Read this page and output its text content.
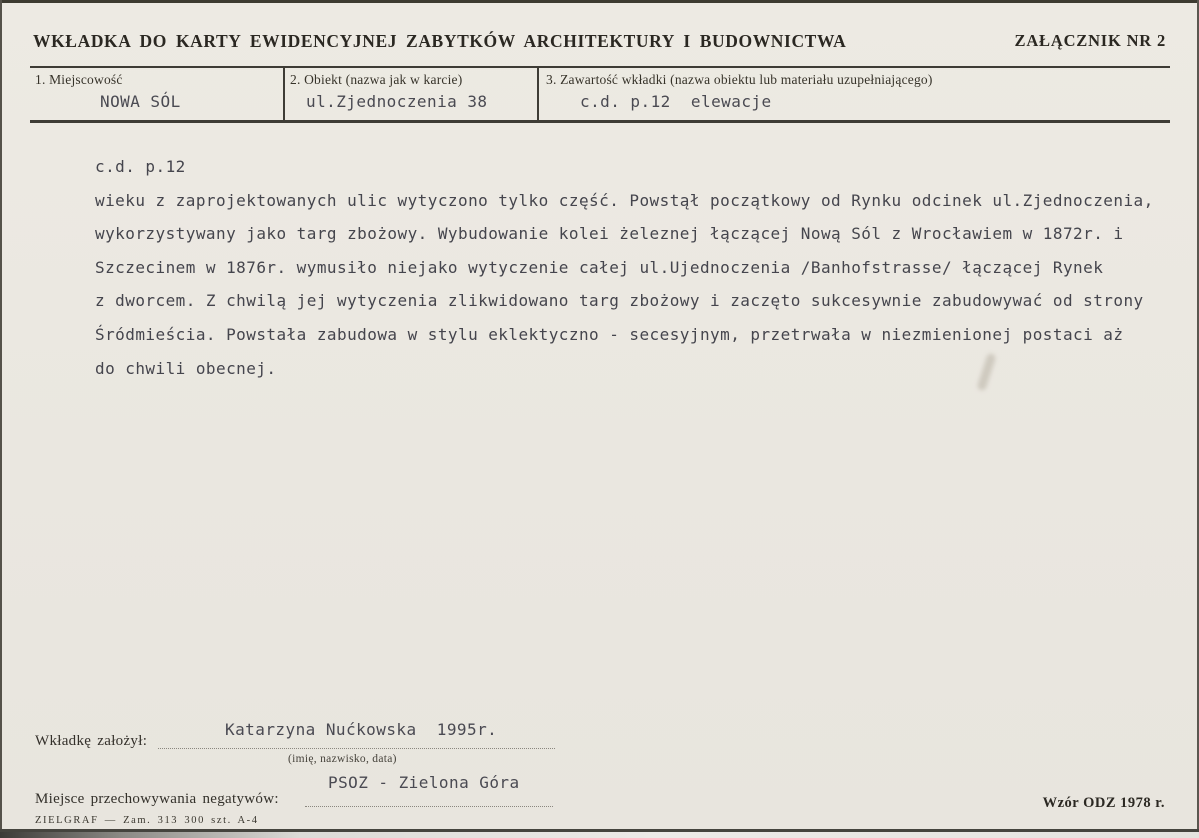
WKŁADKA DO KARTY EWIDENCYJNEJ ZABYTKÓW ARCHITEKTURY I BUDOWNICTWA	ZAŁĄCZNIK NR 2
1. Miejscowość
NOWA SÓL
2. Obiekt (nazwa jak w karcie)
ul.Zjednoczenia 38
3. Zawartość wkładki (nazwa obiektu lub materiału uzupełniającego)
c.d. p.12  elewacje
c.d. p.12
wieku z zaprojektowanych ulic wytyczono tylko część. Powstął początkowy od Rynku odcinek ul.Zjednoczenia,
wykorzystywany jako targ zbożowy. Wybudowanie kolei żeleznej łączącej Nową Sól z Wrocławiem w 1872r. i
Szczecinem w 1876r. wymusiło niejako wytyczenie całej ul.Ujednoczenia /Banhofstrasse/ łączącej Rynek
z dworcem. Z chwilą jej wytyczenia zlikwidowano targ zbożowy i zaczęto sukcesywnie zabudowywać od strony
Śródmieścia. Powstała zabudowa w stylu eklektyczno - secesyjnym, przetrwała w niezmienionej postaci aż
do chwili obecnej.
Katarzyna Nućkowska  1995r.
Wkładkę założył:
(imię, nazwisko, data)
PSOZ - Zielona Góra
Miejsce przechowywania negatywów:
ZIELGRAF — Zam. 313 300 szt. A-4
Wzór ODZ 1978 r.
